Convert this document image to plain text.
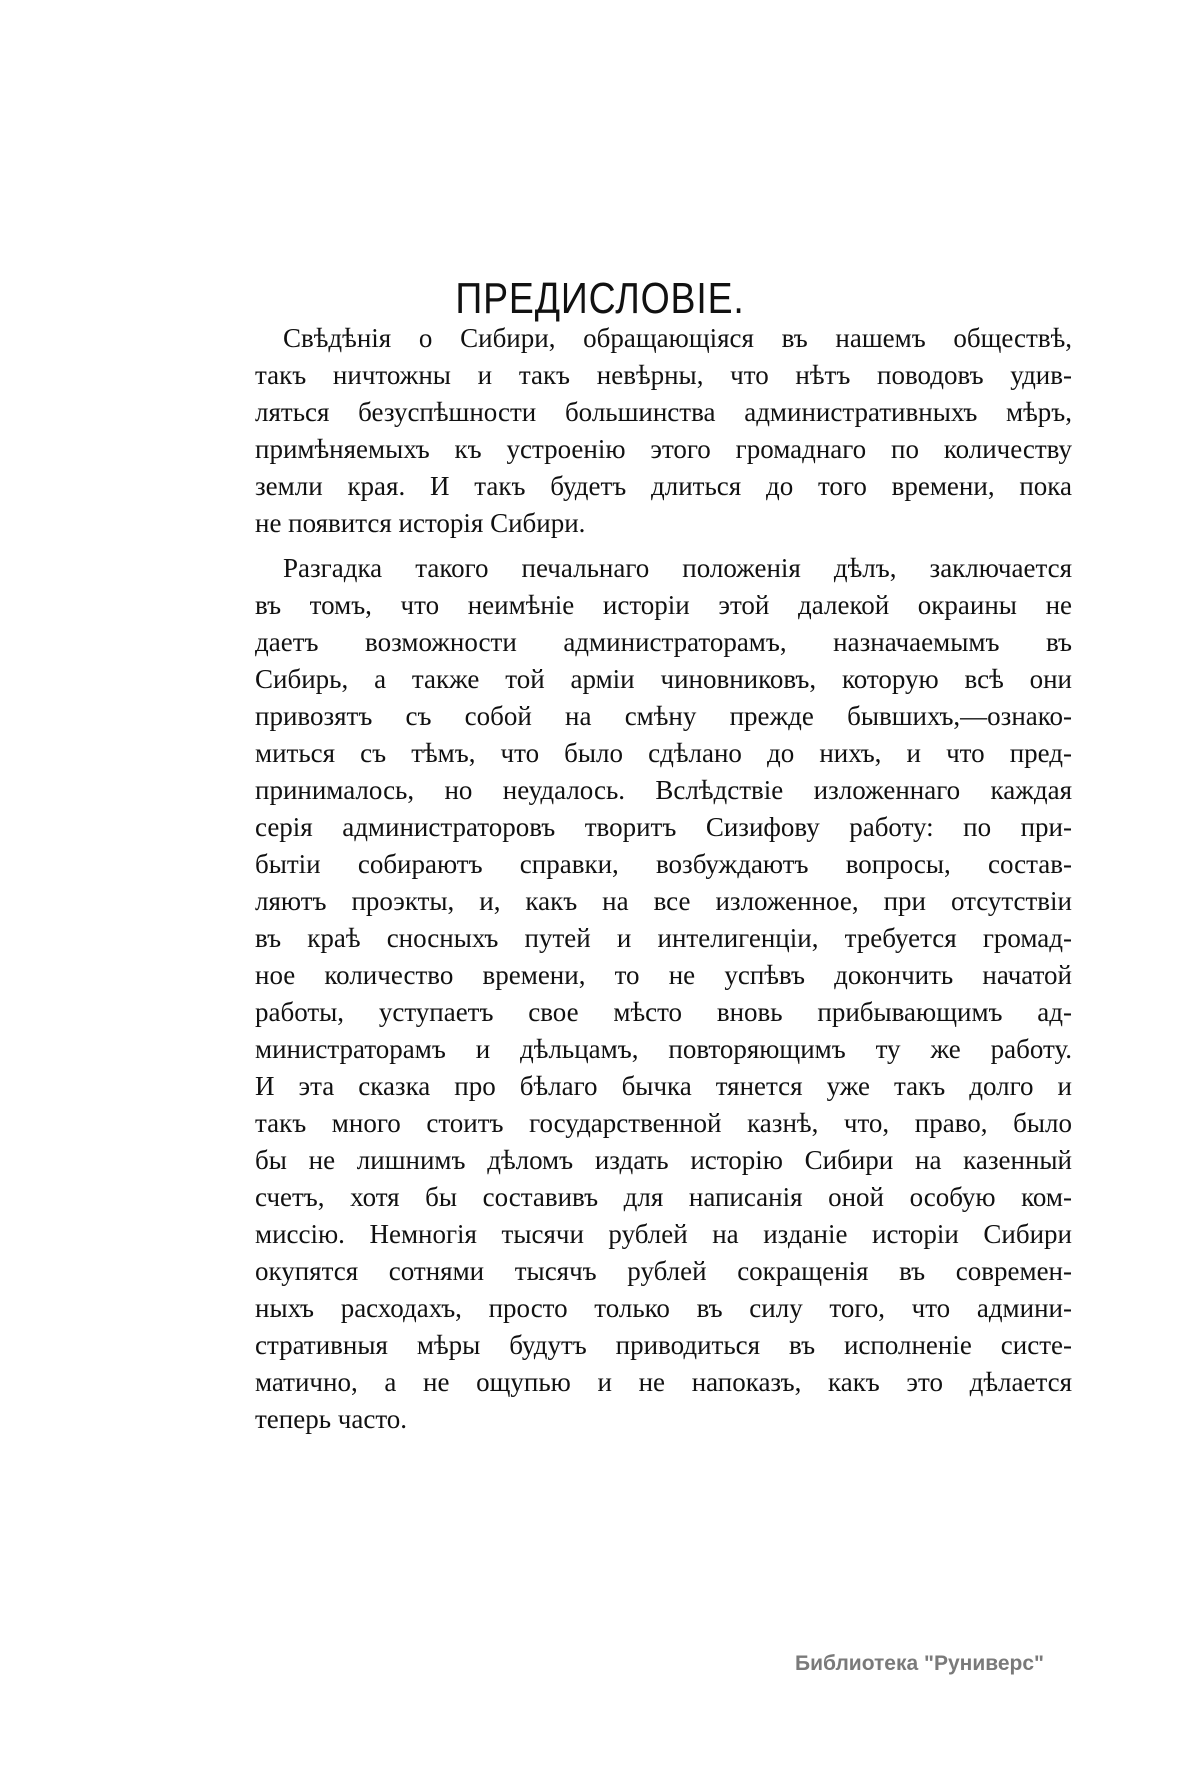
ПРЕДИСЛОВІЕ.
Свѣдѣнія о Сибири, обращающіяся въ нашемъ обществѣ,
такъ ничтожны и такъ невѣрны, что нѣтъ поводовъ удив-
ляться безуспѣшности большинства административныхъ мѣръ,
примѣняемыхъ къ устроенію этого громаднаго по количеству
земли края. И такъ будетъ длиться до того времени, пока
не появится исторія Сибири.
Разгадка такого печальнаго положенія дѣлъ, заключается
въ томъ, что неимѣніе исторіи этой далекой окраины не
даетъ возможности администраторамъ, назначаемымъ въ
Сибирь, а также той арміи чиновниковъ, которую всѣ они
привозятъ съ собой на смѣну прежде бывшихъ,—ознако-
миться съ тѣмъ, что было сдѣлано до нихъ, и что пред-
принималось, но неудалось. Вслѣдствіе изложеннаго каждая
серія администраторовъ творитъ Сизифову работу: по при-
бытіи собираютъ справки, возбуждаютъ вопросы, состав-
ляютъ проэкты, и, какъ на все изложенное, при отсутствіи
въ краѣ сносныхъ путей и интелигенціи, требуется громад-
ное количество времени, то не успѣвъ докончить начатой
работы, уступаетъ свое мѣсто вновь прибывающимъ ад-
министраторамъ и дѣльцамъ, повторяющимъ ту же работу.
И эта сказка про бѣлаго бычка тянется уже такъ долго и
такъ много стоитъ государственной казнѣ, что, право, было
бы не лишнимъ дѣломъ издать исторію Сибири на казенный
счетъ, хотя бы составивъ для написанія оной особую ком-
миссію. Немногія тысячи рублей на изданіе исторіи Сибири
окупятся сотнями тысячъ рублей сокращенія въ современ-
ныхъ расходахъ, просто только въ силу того, что админи-
стративныя мѣры будутъ приводиться въ исполненіе систе-
матично, а не ощупью и не напоказъ, какъ это дѣлается
теперь часто.
Библиотека "Руниверс"
